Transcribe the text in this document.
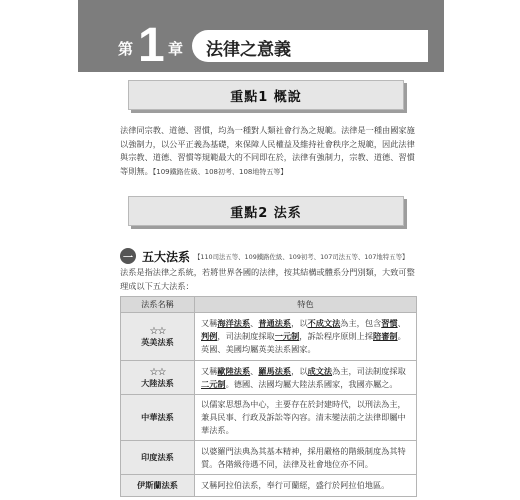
第 1 章 法律之意義
重點1 概說

法律同宗教、道德、習慣，均為一種對人類社會行為之規範。法律是一種由國家施以強制力，以公平正義為基礎，來保障人民權益及維持社會秩序之規範，因此法律與宗教、道德、習慣等規範最大的不同即在於，法律有強制力，宗教、道德、習慣等則無。【109鐵路佐級、108初考、108地特五等】

重點2 法系
一 五大法系 【110司法五等、109鐵路佐級、109初考、107司法五等、107地特五等】

法系是指法律之系統，若將世界各國的法律，按其結構或體系分門別類，大致可整理成以下五大法系：

法系名稱	特色

☆☆
英美法系	又稱海洋法系、普通法系，以不成文法為主，包含習慣、判例，司法制度採取一元制，訴訟程序原則上採陪審制。英國、美國均屬英美法系國家。

☆☆
大陸法系	又稱歐陸法系、羅馬法系，以成文法為主，司法制度採取二元制。德國、法國均屬大陸法系國家，我國亦屬之。
中華法系	以儒家思想為中心，主要存在於封建時代，以刑法為主，兼具民事、行政及訴訟等內容。清末變法前之法律即屬中華法系。
印度法系	以婆羅門法典為其基本精神，採用嚴格的階級制度為其特質。各階級待遇不同，法律及社會地位亦不同。
伊斯蘭法系	又稱阿拉伯法系，奉行可蘭經，盛行於阿拉伯地區。
